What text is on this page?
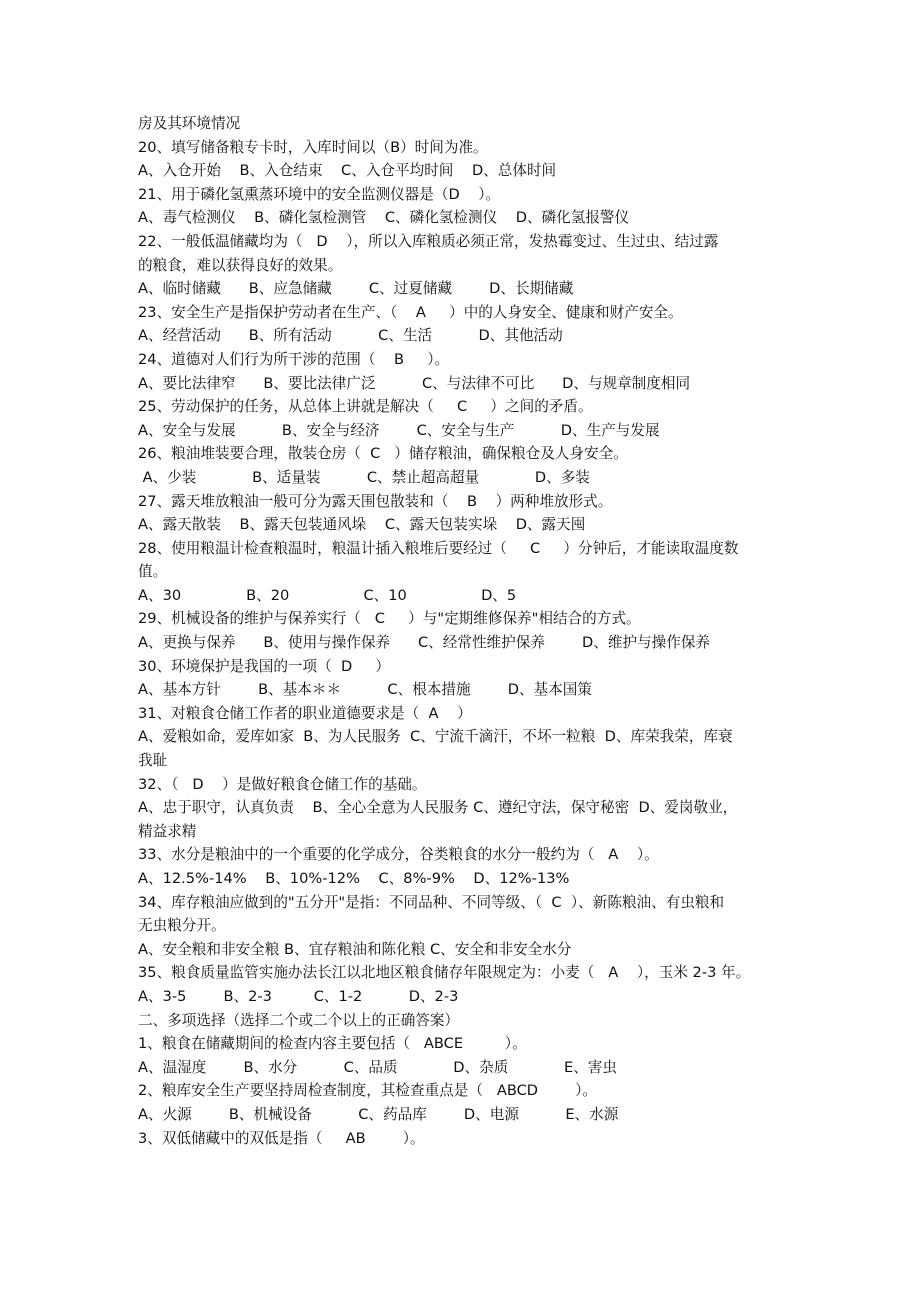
房及其环境情况
20、填写储备粮专卡时，入库时间以（B）时间为准。
A、入仓开始    B、入仓结束    C、入仓平均时间    D、总体时间
21、用于磷化氢熏蒸环境中的安全监测仪器是（D    ）。
A、毒气检测仪    B、磷化氢检测管    C、磷化氢检测仪    D、磷化氢报警仪
22、一般低温储藏均为（   D    ），所以入库粮质必须正常，发热霉变过、生过虫、结过露
的粮食，难以获得良好的效果。
A、临时储藏      B、应急储藏        C、过夏储藏        D、长期储藏
23、安全生产是指保护劳动者在生产、（    A     ）中的人身安全、健康和财产安全。
A、经营活动      B、所有活动          C、生活          D、其他活动
24、道德对人们行为所干涉的范围（    B     ）。
A、要比法律窄      B、要比法律广泛          C、与法律不可比      D、与规章制度相同
25、劳动保护的任务，从总体上讲就是解决（     C     ）之间的矛盾。
A、安全与发展          B、安全与经济        C、安全与生产          D、生产与发展
26、粮油堆装要合理，散装仓房（  C   ）储存粮油，确保粮仓及人身安全。
A、少装            B、适量装          C、禁止超高超量            D、多装
27、露天堆放粮油一般可分为露天围包散装和（    B    ）两种堆放形式。
A、露天散装    B、露天包装通风垛    C、露天包装实垛    D、露天囤
28、使用粮温计检查粮温时，粮温计插入粮堆后要经过（     C     ）分钟后，才能读取温度数
值。
A、30              B、20                C、10                D、5
29、机械设备的维护与保养实行（   C     ）与"定期维修保养"相结合的方式。
A、更换与保养      B、使用与操作保养      C、经常性维护保养        D、维护与操作保养
30、环境保护是我国的一项（  D     ）
A、基本方针        B、基本＊＊          C、根本措施        D、基本国策
31、对粮食仓储工作者的职业道德要求是（  A    ）
A、爱粮如命，爱库如家  B、为人民服务  C、宁流千滴汗，不坏一粒粮  D、库荣我荣，库衰
我耻
32、（   D    ）是做好粮食仓储工作的基础。
A、忠于职守，认真负责    B、全心全意为人民服务 C、遵纪守法，保守秘密  D、爱岗敬业，
精益求精
33、水分是粮油中的一个重要的化学成分，谷类粮食的水分一般约为（   A    ）。
A、12.5%-14%    B、10%-12%    C、8%-9%    D、12%-13%
34、库存粮油应做到的"五分开"是指：不同品种、不同等级、（  C  ）、新陈粮油、有虫粮和
无虫粮分开。
A、安全粮和非安全粮 B、宜存粮油和陈化粮 C、安全和非安全水分
35、粮食质量监管实施办法长江以北地区粮食储存年限规定为：小麦（   A    ），玉米 2-3 年。
A、3-5        B、2-3         C、1-2          D、2-3
二、多项选择（选择二个或二个以上的正确答案）
1、粮食在储藏期间的检查内容主要包括（   ABCE         ）。
A、温湿度        B、水分          C、品质            D、杂质            E、害虫
2、粮库安全生产要坚持周检查制度，其检查重点是（   ABCD        ）。
A、火源        B、机械设备          C、药品库        D、电源          E、水源
3、双低储藏中的双低是指（     AB        ）。
